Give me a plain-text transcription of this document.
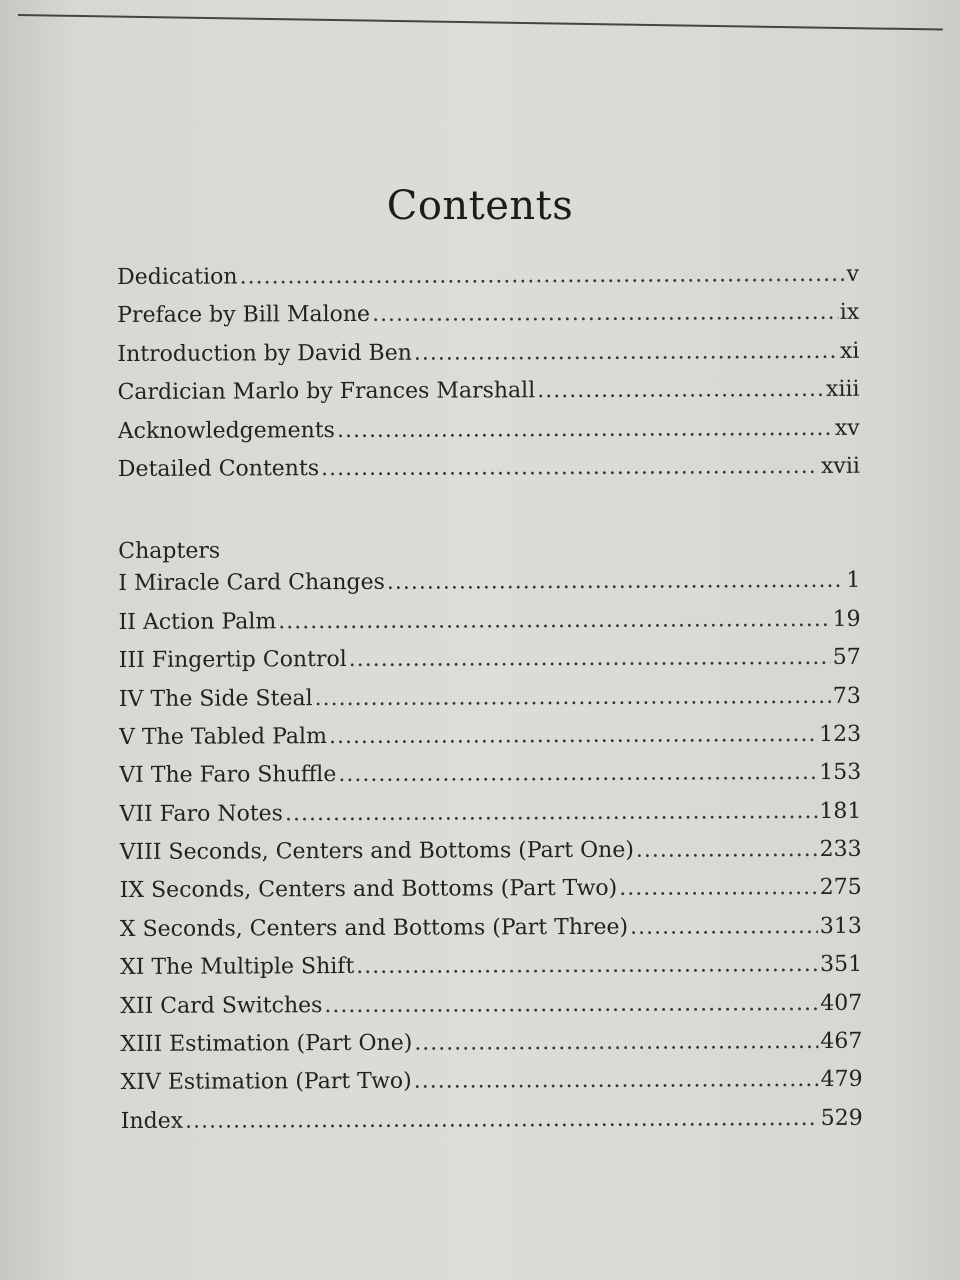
Contents
Dedication .....	v
Preface by Bill Malone .....	ix
Introduction by David Ben .....	xi
Cardician Marlo by Frances Marshall .....	xiii
Acknowledgements .....	xv
Detailed Contents .....	xvii
Chapters
I Miracle Card Changes .....	1
II Action Palm .....	19
III Fingertip Control .....	57
IV The Side Steal .....	73
V The Tabled Palm .....	123
VI The Faro Shuffle .....	153
VII Faro Notes .....	181
VIII Seconds, Centers and Bottoms (Part One) .....	233
IX Seconds, Centers and Bottoms (Part Two) .....	275
X Seconds, Centers and Bottoms (Part Three) .....	313
XI The Multiple Shift .....	351
XII Card Switches .....	407
XIII Estimation (Part One) .....	467
XIV Estimation (Part Two) .....	479
Index .....	529
